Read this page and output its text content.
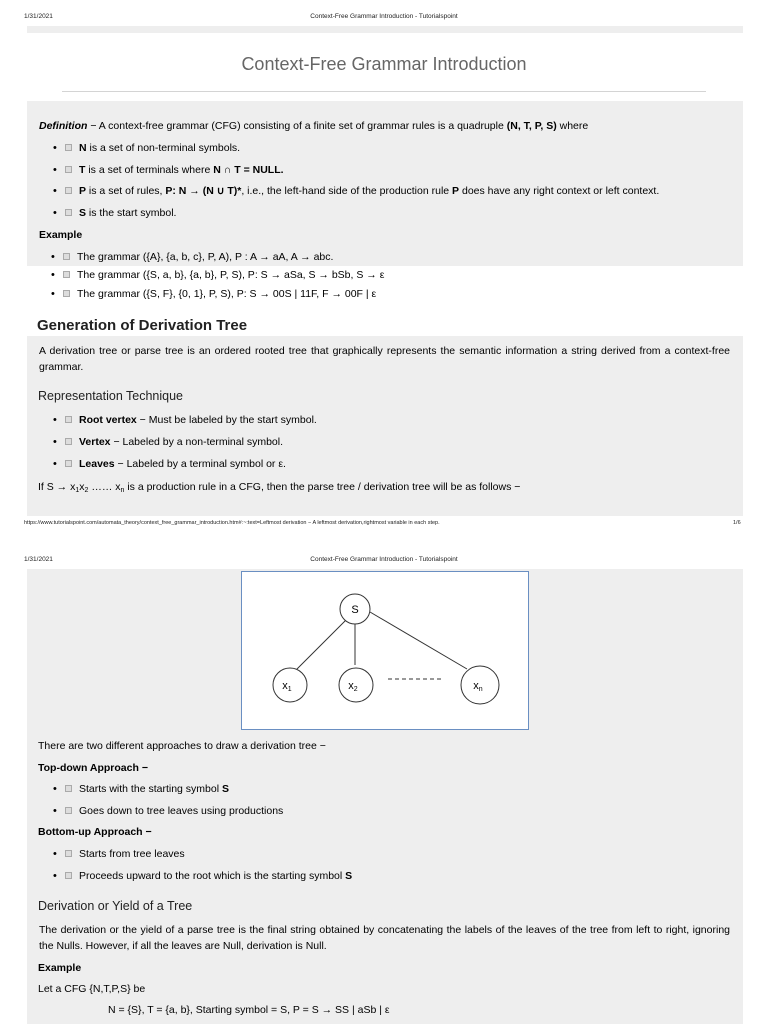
1/31/2021	Context-Free Grammar Introduction - Tutorialspoint
Context-Free Grammar Introduction
Definition − A context-free grammar (CFG) consisting of a finite set of grammar rules is a quadruple (N, T, P, S) where
• N is a set of non-terminal symbols.
• T is a set of terminals where N ∩ T = NULL.
• P is a set of rules, P: N → (N ∪ T)*, i.e., the left-hand side of the production rule P does have any right context or left context.
• S is the start symbol.
Example
• The grammar ({A}, {a, b, c}, P, A), P : A → aA, A → abc.
• The grammar ({S, a, b}, {a, b}, P, S), P: S → aSa, S → bSb, S → ε
• The grammar ({S, F}, {0, 1}, P, S), P: S → 00S | 11F, F → 00F | ε
Generation of Derivation Tree
A derivation tree or parse tree is an ordered rooted tree that graphically represents the semantic information a string derived from a context-free grammar.
Representation Technique
• Root vertex − Must be labeled by the start symbol.
• Vertex − Labeled by a non-terminal symbol.
• Leaves − Labeled by a terminal symbol or ε.
If $S \to x_1x_2$ …… $x_n$ is a production rule in a CFG, then the parse tree / derivation tree will be as follows −
https://www.tutorialspoint.com/automata_theory/context_free_grammar_introduction.htm#:~:text=Leftmost derivation − A leftmost derivation,rightmost variable in each step.	1/6
1/31/2021	Context-Free Grammar Introduction - Tutorialspoint
S
x1	x2	xn
There are two different approaches to draw a derivation tree −
Top-down Approach −
• Starts with the starting symbol S
• Goes down to tree leaves using productions
Bottom-up Approach −
• Starts from tree leaves
• Proceeds upward to the root which is the starting symbol S
Derivation or Yield of a Tree
The derivation or the yield of a parse tree is the final string obtained by concatenating the labels of the leaves of the tree from left to right, ignoring the Nulls. However, if all the leaves are Null, derivation is Null.
Example
Let a CFG {N,T,P,S} be
N = {S}, T = {a, b}, Starting symbol = S, P = S → SS | aSb | ε
